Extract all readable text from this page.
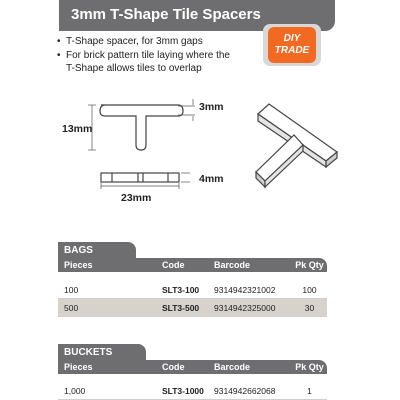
3mm T-Shape Tile Spacers
• T-Shape spacer, for 3mm gaps
• For brick pattern tile laying where the
T-Shape allows tiles to overlap
DIY
TRADE
3mm
13mm
4mm
23mm
BAGS
Pieces	Code	Barcode	Pk Qty
100	SLT3-100	9314942321002	100
500	SLT3-500	9314942325000	30
BUCKETS
Pieces	Code	Barcode	Pk Qty
1,000	SLT3-1000	9314942662068	1
